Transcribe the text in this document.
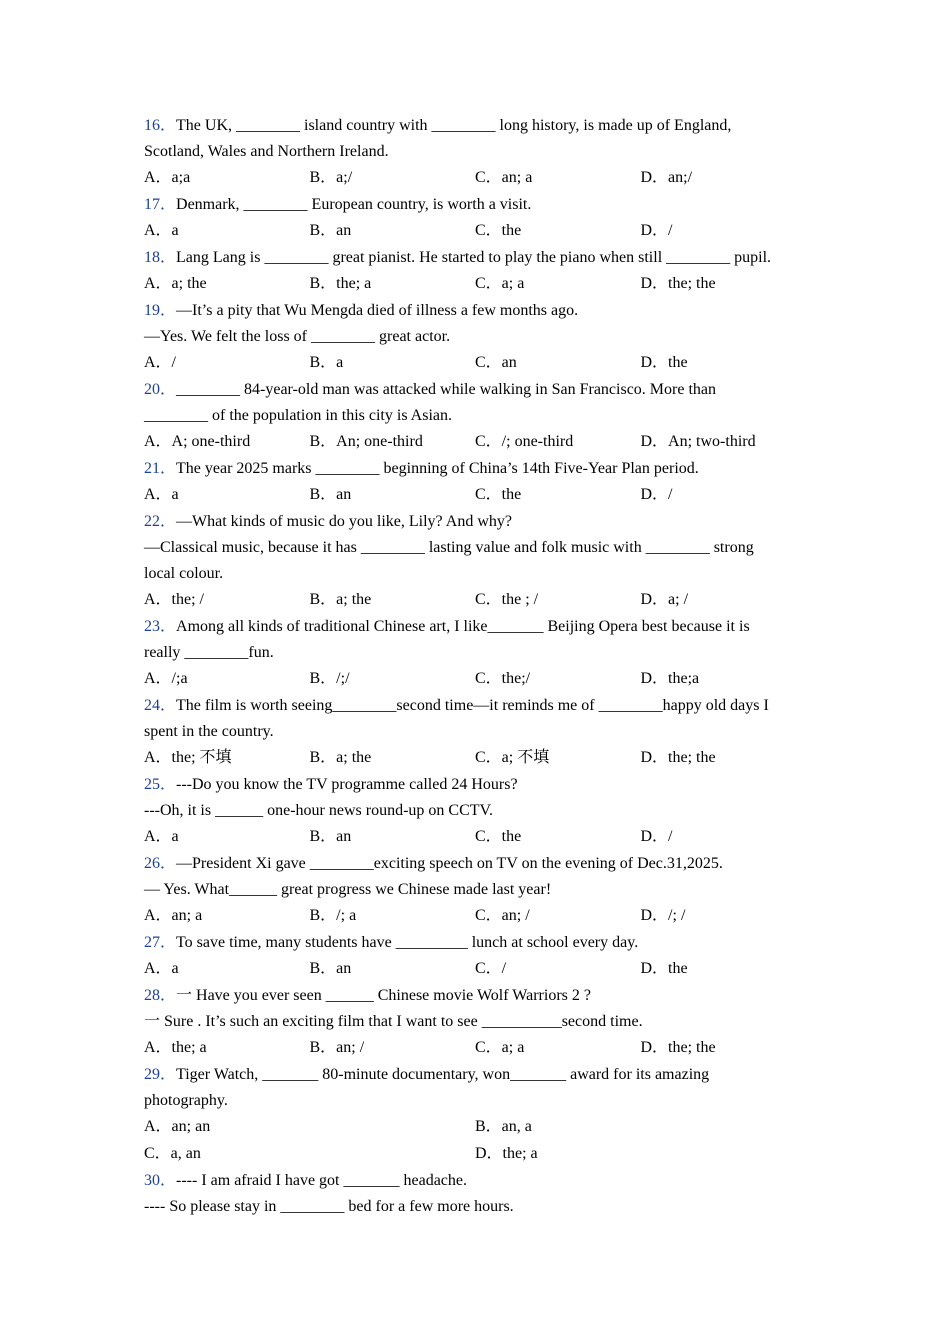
16．The UK, ________ island country with ________ long history, is made up of England,
Scotland, Wales and Northern Ireland.
A．a;a	B．a;/	C．an; a	D．an;/
17．Denmark, ________ European country, is worth a visit.
A．a	B．an	C．the	D．/
18．Lang Lang is ________ great pianist. He started to play the piano when still ________ pupil.
A．a; the	B．the; a	C．a; a	D．the; the
19．—It’s a pity that Wu Mengda died of illness a few months ago.
—Yes. We felt the loss of ________ great actor.
A．/	B．a	C．an	D．the
20．________ 84-year-old man was attacked while walking in San Francisco. More than
________ of the population in this city is Asian.
A．A; one-third	B．An; one-third	C．/; one-third	D．An; two-third
21．The year 2025 marks ________ beginning of China’s 14th Five-Year Plan period.
A．a	B．an	C．the	D．/
22．—What kinds of music do you like, Lily? And why?
—Classical music, because it has ________ lasting value and folk music with ________ strong
local colour.
A．the; /	B．a; the	C．the ; /	D．a; /
23．Among all kinds of traditional Chinese art, I like_______ Beijing Opera best because it is
really ________fun.
A．/;a	B．/;/	C．the;/	D．the;a
24．The film is worth seeing________second time—it reminds me of ________happy old days I
spent in the country.
A．the; 不填	B．a; the	C．a; 不填	D．the; the
25．---Do you know the TV programme called 24 Hours?
---Oh, it is ______ one-hour news round-up on CCTV.
A．a	B．an	C．the	D．/
26．—President Xi gave ________exciting speech on TV on the evening of Dec.31,2025.
— Yes. What______ great progress we Chinese made last year!
A．an; a	B．/; a	C．an; /	D．/; /
27．To save time, many students have _________ lunch at school every day.
A．a	B．an	C．/	D．the
28．一 Have you ever seen ______ Chinese movie Wolf Warriors 2 ?
一 Sure . It’s such an exciting film that I want to see __________second time.
A．the; a	B．an; /	C．a; a	D．the; the
29．Tiger Watch, _______ 80-minute documentary, won_______ award for its amazing
photography.
A．an; an	B．an, a
C．a, an	D．the; a
30．---- I am afraid I have got _______ headache.
---- So please stay in ________ bed for a few more hours.
